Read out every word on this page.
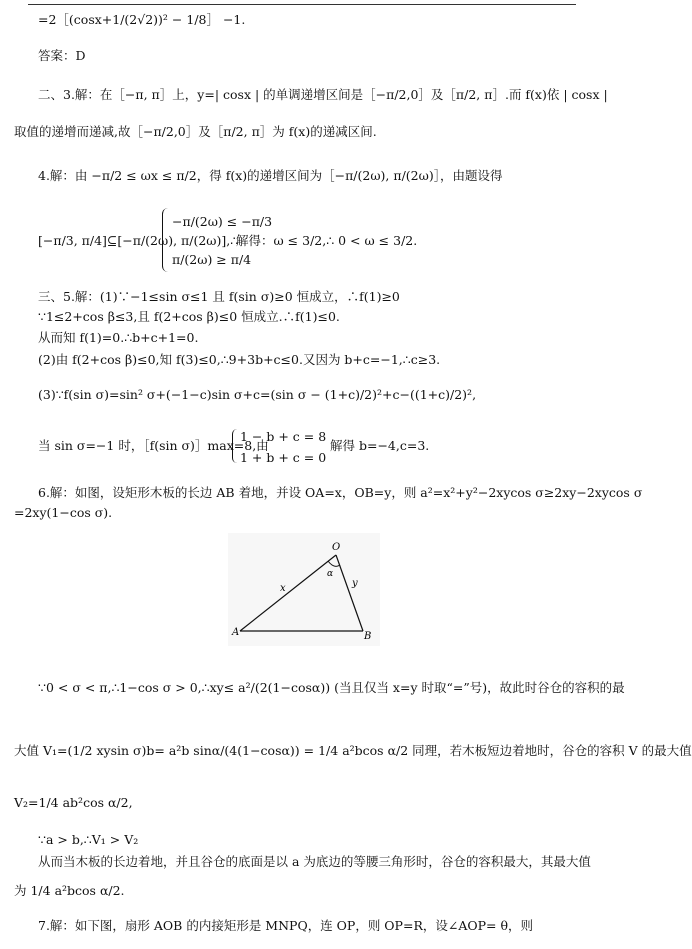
=2［(cosx+1/(2√2))² − 1/8］ −1.
答案：D
二、3.解：在［−π, π］上，y=| cosx | 的单调递增区间是［−π/2,0］及［π/2, π］.而 f(x)依 | cosx |
取值的递增而递减,故［−π/2,0］及［π/2, π］为 f(x)的递减区间.
4.解：由 −π/2 ≤ ωx ≤ π/2，得 f(x)的递增区间为［−π/(2ω), π/(2ω)］，由题设得
[−π/3, π/4]⊆[−π/(2ω), π/(2ω)],∴
−π/(2ω) ≤ −π/3
π/(2ω) ≥ π/4
解得：ω ≤ 3/2,∴ 0 < ω ≤ 3/2.
三、5.解：(1)∵−1≤sin σ≤1 且 f(sin σ)≥0 恒成立，∴f(1)≥0
∵1≤2+cos β≤3,且 f(2+cos β)≤0 恒成立.∴f(1)≤0.
从而知 f(1)=0.∴b+c+1=0.
(2)由 f(2+cos β)≤0,知 f(3)≤0,∴9+3b+c≤0.又因为 b+c=−1,∴c≥3.
(3)∵f(sin σ)=sin² σ+(−1−c)sin σ+c=(sin σ − (1+c)/2)²+c−((1+c)/2)²,
当 sin σ=−1 时，［f(sin σ)］max=8,由
1 − b + c = 8
1 + b + c = 0
解得 b=−4,c=3.
6.解：如图，设矩形木板的长边 AB 着地，并设 OA=x，OB=y，则 a²=x²+y²−2xycos σ≥2xy−2xycos σ
=2xy(1−cos σ).
A	B
O
x	y
α
∵0 < σ < π,∴1−cos σ > 0,∴xy≤ a²/(2(1−cosα)) (当且仅当 x=y 时取“=”号)，故此时谷仓的容积的最
大值 V₁=(1/2 xysin σ)b= a²b sinα/(4(1−cosα)) = 1/4 a²bcos α/2 同理，若木板短边着地时，谷仓的容积 V 的最大值
V₂=1/4 ab²cos α/2,
∵a > b,∴V₁ > V₂
从而当木板的长边着地，并且谷仓的底面是以 a 为底边的等腰三角形时，谷仓的容积最大，其最大值
为 1/4 a²bcos α/2.
7.解：如下图，扇形 AOB 的内接矩形是 MNPQ，连 OP，则 OP=R，设∠AOP= θ，则
